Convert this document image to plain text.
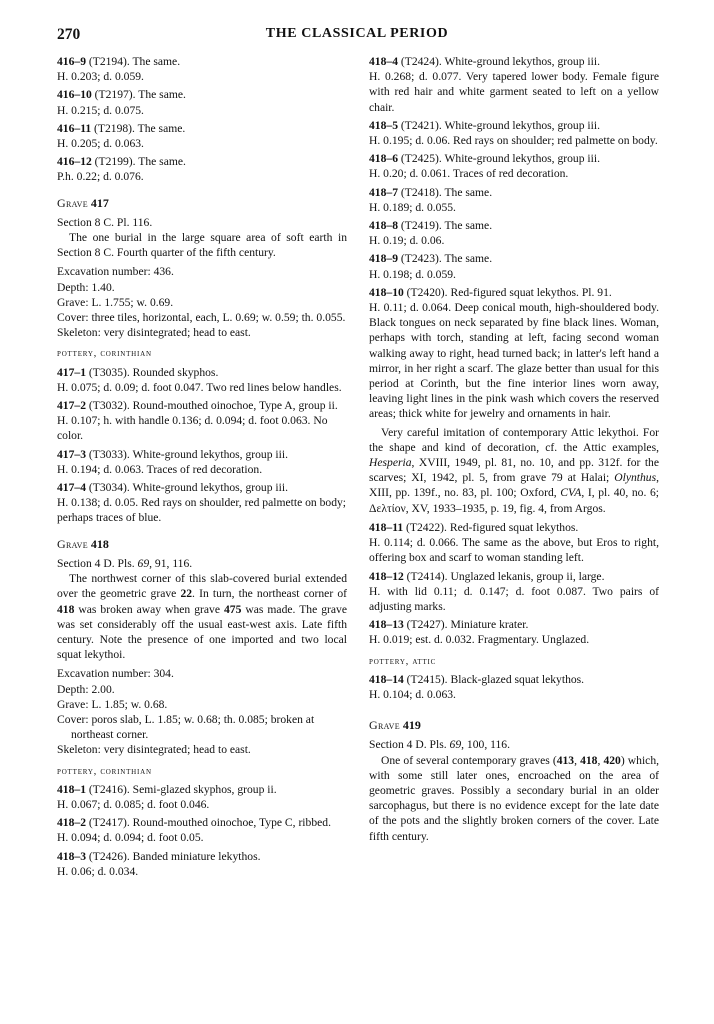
270	THE CLASSICAL PERIOD
416–9 (T2194). The same.
H. 0.203; d. 0.059.
416–10 (T2197). The same.
H. 0.215; d. 0.075.
416–11 (T2198). The same.
H. 0.205; d. 0.063.
416–12 (T2199). The same.
P.h. 0.22; d. 0.076.
Grave 417
Section 8 C. Pl. 116.
The one burial in the large square area of soft earth in Section 8 C. Fourth quarter of the fifth century.
Excavation number: 436.
Depth: 1.40.
Grave: L. 1.755; w. 0.69.
Cover: three tiles, horizontal, each, L. 0.69; w. 0.59; th. 0.055.
Skeleton: very disintegrated; head to east.
pottery, corinthian
417–1 (T3035). Rounded skyphos.
H. 0.075; d. 0.09; d. foot 0.047. Two red lines below handles.
417–2 (T3032). Round-mouthed oinochoe, Type A, group ii.
H. 0.107; h. with handle 0.136; d. 0.094; d. foot 0.063. No color.
417–3 (T3033). White-ground lekythos, group iii.
H. 0.194; d. 0.063. Traces of red decoration.
417–4 (T3034). White-ground lekythos, group iii.
H. 0.138; d. 0.05. Red rays on shoulder, red palmette on body; perhaps traces of blue.
Grave 418
Section 4 D. Pls. 69, 91, 116.
The northwest corner of this slab-covered burial extended over the geometric grave 22. In turn, the northeast corner of 418 was broken away when grave 475 was made. The grave was set considerably off the usual east-west axis. Late fifth century. Note the presence of one imported and two local squat lekythoi.
Excavation number: 304.
Depth: 2.00.
Grave: L. 1.85; w. 0.68.
Cover: poros slab, L. 1.85; w. 0.68; th. 0.085; broken at northeast corner.
Skeleton: very disintegrated; head to east.
pottery, corinthian
418–1 (T2416). Semi-glazed skyphos, group ii.
H. 0.067; d. 0.085; d. foot 0.046.
418–2 (T2417). Round-mouthed oinochoe, Type C, ribbed.
H. 0.094; d. 0.094; d. foot 0.05.
418–3 (T2426). Banded miniature lekythos.
H. 0.06; d. 0.034.
418–4 (T2424). White-ground lekythos, group iii.
H. 0.268; d. 0.077. Very tapered lower body. Female figure with red hair and white garment seated to left on a yellow chair.
418–5 (T2421). White-ground lekythos, group iii.
H. 0.195; d. 0.06. Red rays on shoulder; red palmette on body.
418–6 (T2425). White-ground lekythos, group iii.
H. 0.20; d. 0.061. Traces of red decoration.
418–7 (T2418). The same.
H. 0.189; d. 0.055.
418–8 (T2419). The same.
H. 0.19; d. 0.06.
418–9 (T2423). The same.
H. 0.198; d. 0.059.
418–10 (T2420). Red-figured squat lekythos. Pl. 91.
H. 0.11; d. 0.064. Deep conical mouth, high-shouldered body. Black tongues on neck separated by fine black lines. Woman, perhaps with torch, standing at left, facing second woman walking away to right, head turned back; in latter's left hand a mirror, in her right a scarf. The glaze better than usual for this period at Corinth, but the fine interior lines worn away, leaving light lines in the pink wash which covers the reserved areas; thick white for jewelry and ornaments in hair.
Very careful imitation of contemporary Attic lekythoi. For the shape and kind of decoration, cf. the Attic examples, Hesperia, XVIII, 1949, pl. 81, no. 10, and pp. 312f. for the scarves; XI, 1942, pl. 5, from grave 79 at Halai; Olynthus, XIII, pp. 139f., no. 83, pl. 100; Oxford, CVA, I, pl. 40, no. 6; Δελτίον, XV, 1933–1935, p. 19, fig. 4, from Argos.
418–11 (T2422). Red-figured squat lekythos.
H. 0.114; d. 0.066. The same as the above, but Eros to right, offering box and scarf to woman standing left.
418–12 (T2414). Unglazed lekanis, group ii, large.
H. with lid 0.11; d. 0.147; d. foot 0.087. Two pairs of adjusting marks.
418–13 (T2427). Miniature krater.
H. 0.019; est. d. 0.032. Fragmentary. Unglazed.
pottery, attic
418–14 (T2415). Black-glazed squat lekythos.
H. 0.104; d. 0.063.
Grave 419
Section 4 D. Pls. 69, 100, 116.
One of several contemporary graves (413, 418, 420) which, with some still later ones, encroached on the area of geometric graves. Possibly a secondary burial in an older sarcophagus, but there is no evidence except for the late date of the pots and the slightly broken corners of the cover. Late fifth century.
